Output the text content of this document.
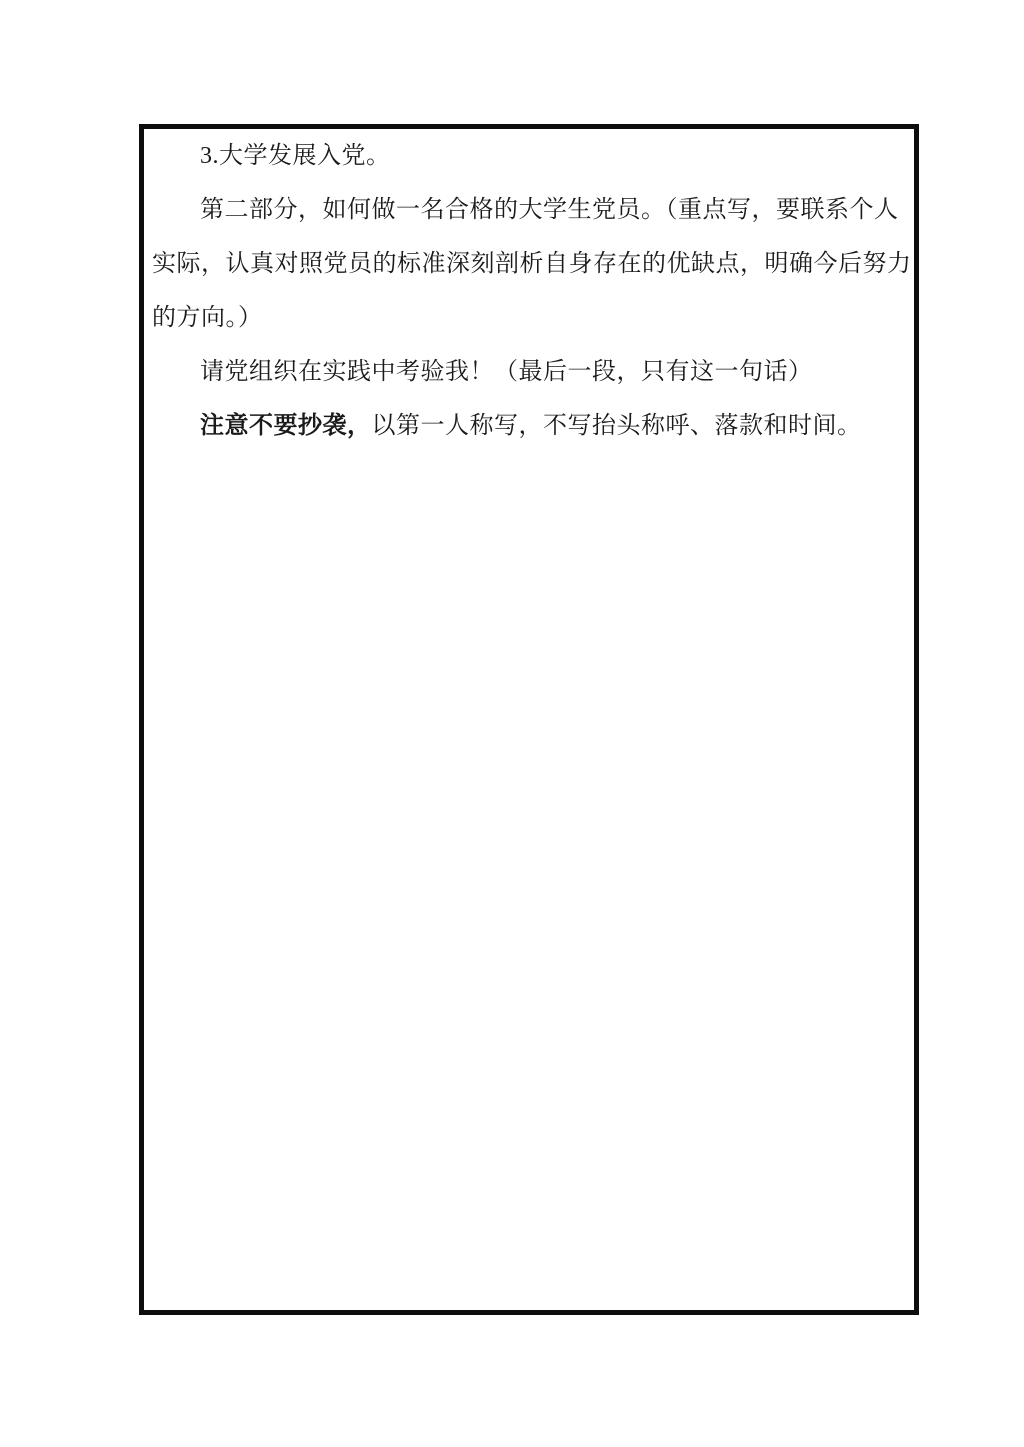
3.大学发展入党。
第二部分，如何做一名合格的大学生党员。（重点写，要联系个人
实际，认真对照党员的标准深刻剖析自身存在的优缺点，明确今后努力
的方向。）
请党组织在实践中考验我！（最后一段，只有这一句话）
注意不要抄袭，以第一人称写，不写抬头称呼、落款和时间。
